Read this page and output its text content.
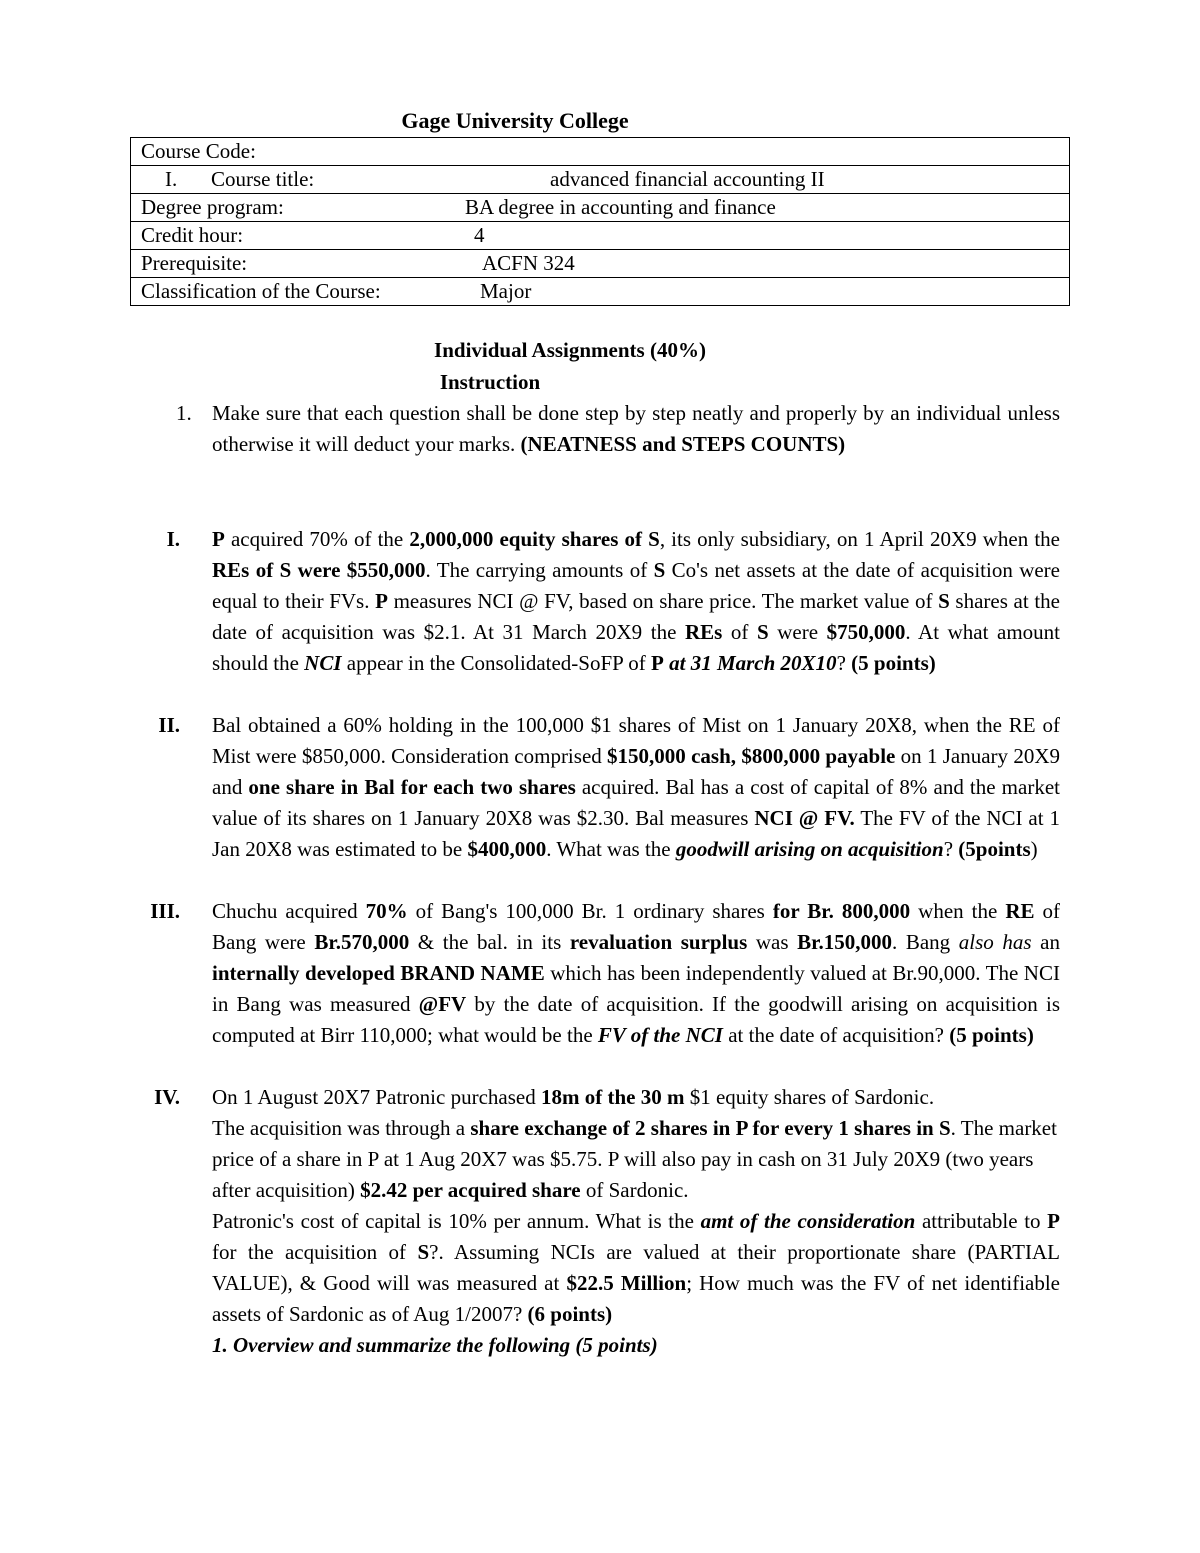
Gage University College
Course Code:

I. Course title:	advanced financial accounting II

Degree program:	BA degree in accounting and finance

Credit hour:	4

Prerequisite:	ACFN 324

Classification of the Course:	Major
Individual Assignments (40%)
Instruction
1. Make sure that each question shall be done step by step neatly and properly by an individual unless otherwise it will deduct your marks. (NEATNESS and STEPS COUNTS)
I. P acquired 70% of the 2,000,000 equity shares of S, its only subsidiary, on 1 April 20X9 when the REs of S were $550,000. The carrying amounts of S Co's net assets at the date of acquisition were equal to their FVs. P measures NCI @ FV, based on share price. The market value of S shares at the date of acquisition was $2.1. At 31 March 20X9 the REs of S were $750,000. At what amount should the NCI appear in the Consolidated-SoFP of P at 31 March 20X10? (5 points)
II. Bal obtained a 60% holding in the 100,000 $1 shares of Mist on 1 January 20X8, when the RE of Mist were $850,000. Consideration comprised $150,000 cash, $800,000 payable on 1 January 20X9 and one share in Bal for each two shares acquired. Bal has a cost of capital of 8% and the market value of its shares on 1 January 20X8 was $2.30. Bal measures NCI @ FV. The FV of the NCI at 1 Jan 20X8 was estimated to be $400,000. What was the goodwill arising on acquisition? (5points)
III. Chuchu acquired 70% of Bang's 100,000 Br. 1 ordinary shares for Br. 800,000 when the RE of Bang were Br.570,000 & the bal. in its revaluation surplus was Br.150,000. Bang also has an internally developed BRAND NAME which has been independently valued at Br.90,000. The NCI in Bang was measured @FV by the date of acquisition. If the goodwill arising on acquisition is computed at Birr 110,000; what would be the FV of the NCI at the date of acquisition? (5 points)
IV. On 1 August 20X7 Patronic purchased 18m of the 30 m $1 equity shares of Sardonic.

The acquisition was through a share exchange of 2 shares in P for every 1 shares in S. The market price of a share in P at 1 Aug 20X7 was $5.75. P will also pay in cash on 31 July 20X9 (two years after acquisition) $2.42 per acquired share of Sardonic.

Patronic's cost of capital is 10% per annum. What is the amt of the consideration attributable to P for the acquisition of S?. Assuming NCIs are valued at their proportionate share (PARTIAL VALUE), & Good will was measured at $22.5 Million; How much was the FV of net identifiable assets of Sardonic as of Aug 1/2007? (6 points)

1. Overview and summarize the following (5 points)
